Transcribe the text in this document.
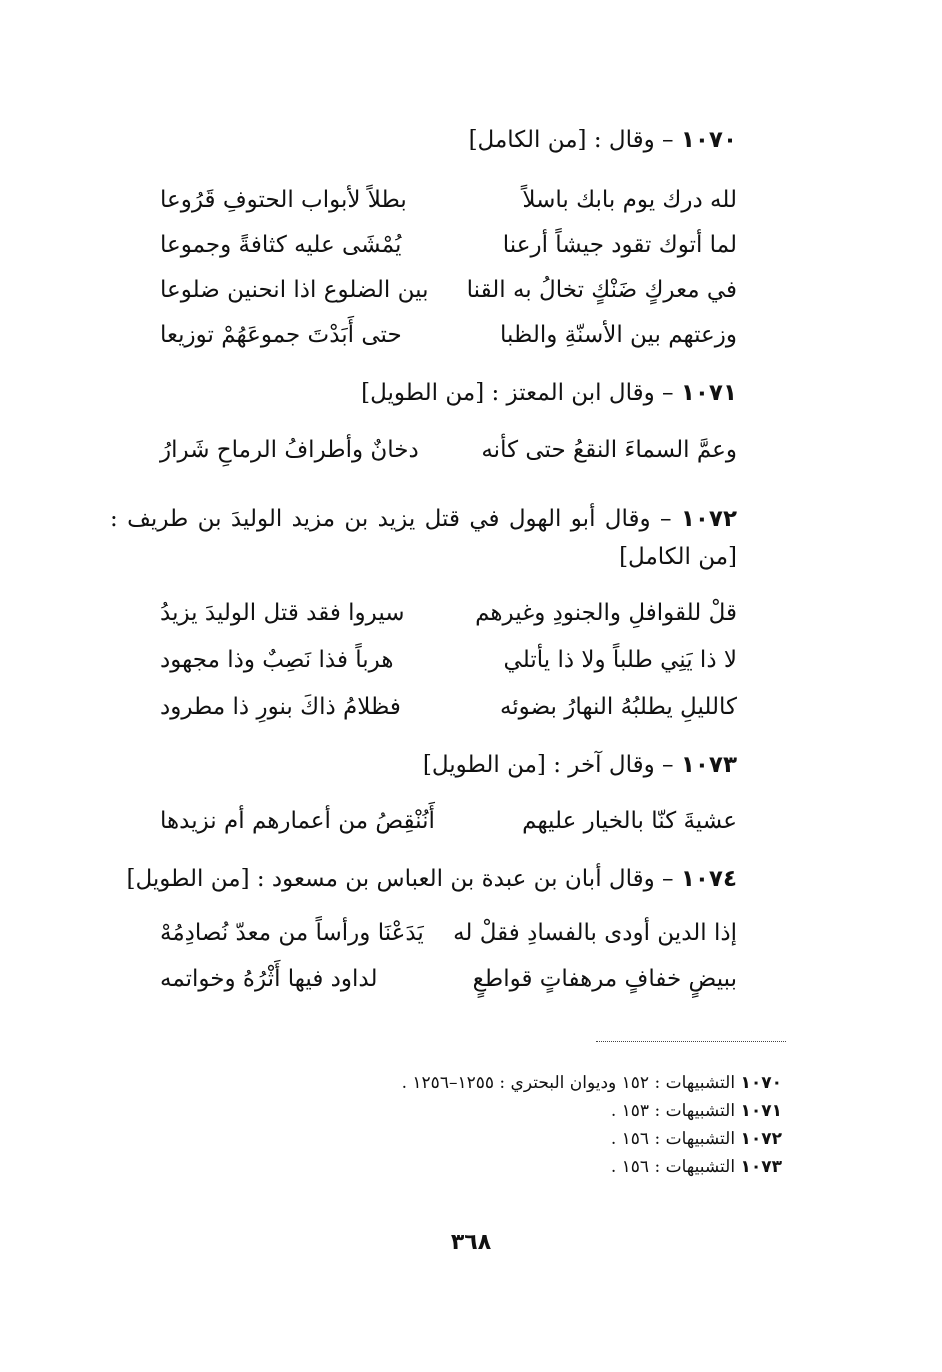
١٠٧٠ – وقال : [من الكامل]
لله درك يوم بابك باسلاً
بطلاً لأبواب الحتوفِ قَرُوعا
لما أتوك تقود جيشاً أرعنا
يُمْشَى عليه كثافةً وجموعا
في معركٍ ضَنْكٍ تخالُ به القنا
بين الضلوع اذا انحنين ضلوعا
وزعتهم بين الأسنّةِ والظبا
حتى أَبَدْتَ جموعَهُمْ توزيعا
١٠٧١ – وقال ابن المعتز : [من الطويل]
وعمَّ السماءَ النقعُ حتى كأنه
دخانٌ وأطرافُ الرماحِ شَرارُ
١٠٧٢ – وقال أبو الهول في قتل يزيد بن مزيد الوليدَ بن طريف : [من الكامل]
قلْ للقوافلِ والجنودِ وغيرهم
سيروا فقد قتل الوليدَ يزيدُ
لا ذا يَنِي طلباً ولا ذا يأتلي
هرباً فذا نَصِبٌ وذا مجهود
كالليلِ يطلبُهُ النهارُ بضوئه
فظلامُ ذاكَ بنورِ ذا مطرود
١٠٧٣ – وقال آخر : [من الطويل]
عشيةَ كنّا بالخيار عليهم
أَنُنْقِصُ من أعمارهم أم نزيدها
١٠٧٤ – وقال أبان بن عبدة بن العباس بن مسعود : [من الطويل]
إذا الدين أودى بالفسادِ فقلْ له
يَدَعْنَا ورأساً من معدّ نُصادِمُهْ
ببيضٍ خفافٍ مرهفاتٍ قواطعٍ
لداود فيها أَثْرُهُ وخواتمه
١٠٧٠ التشبيهات : ١٥٢ وديوان البحتري : ١٢٥٥–١٢٥٦ .
١٠٧١ التشبيهات : ١٥٣ .
١٠٧٢ التشبيهات : ١٥٦ .
١٠٧٣ التشبيهات : ١٥٦ .
٣٦٨
